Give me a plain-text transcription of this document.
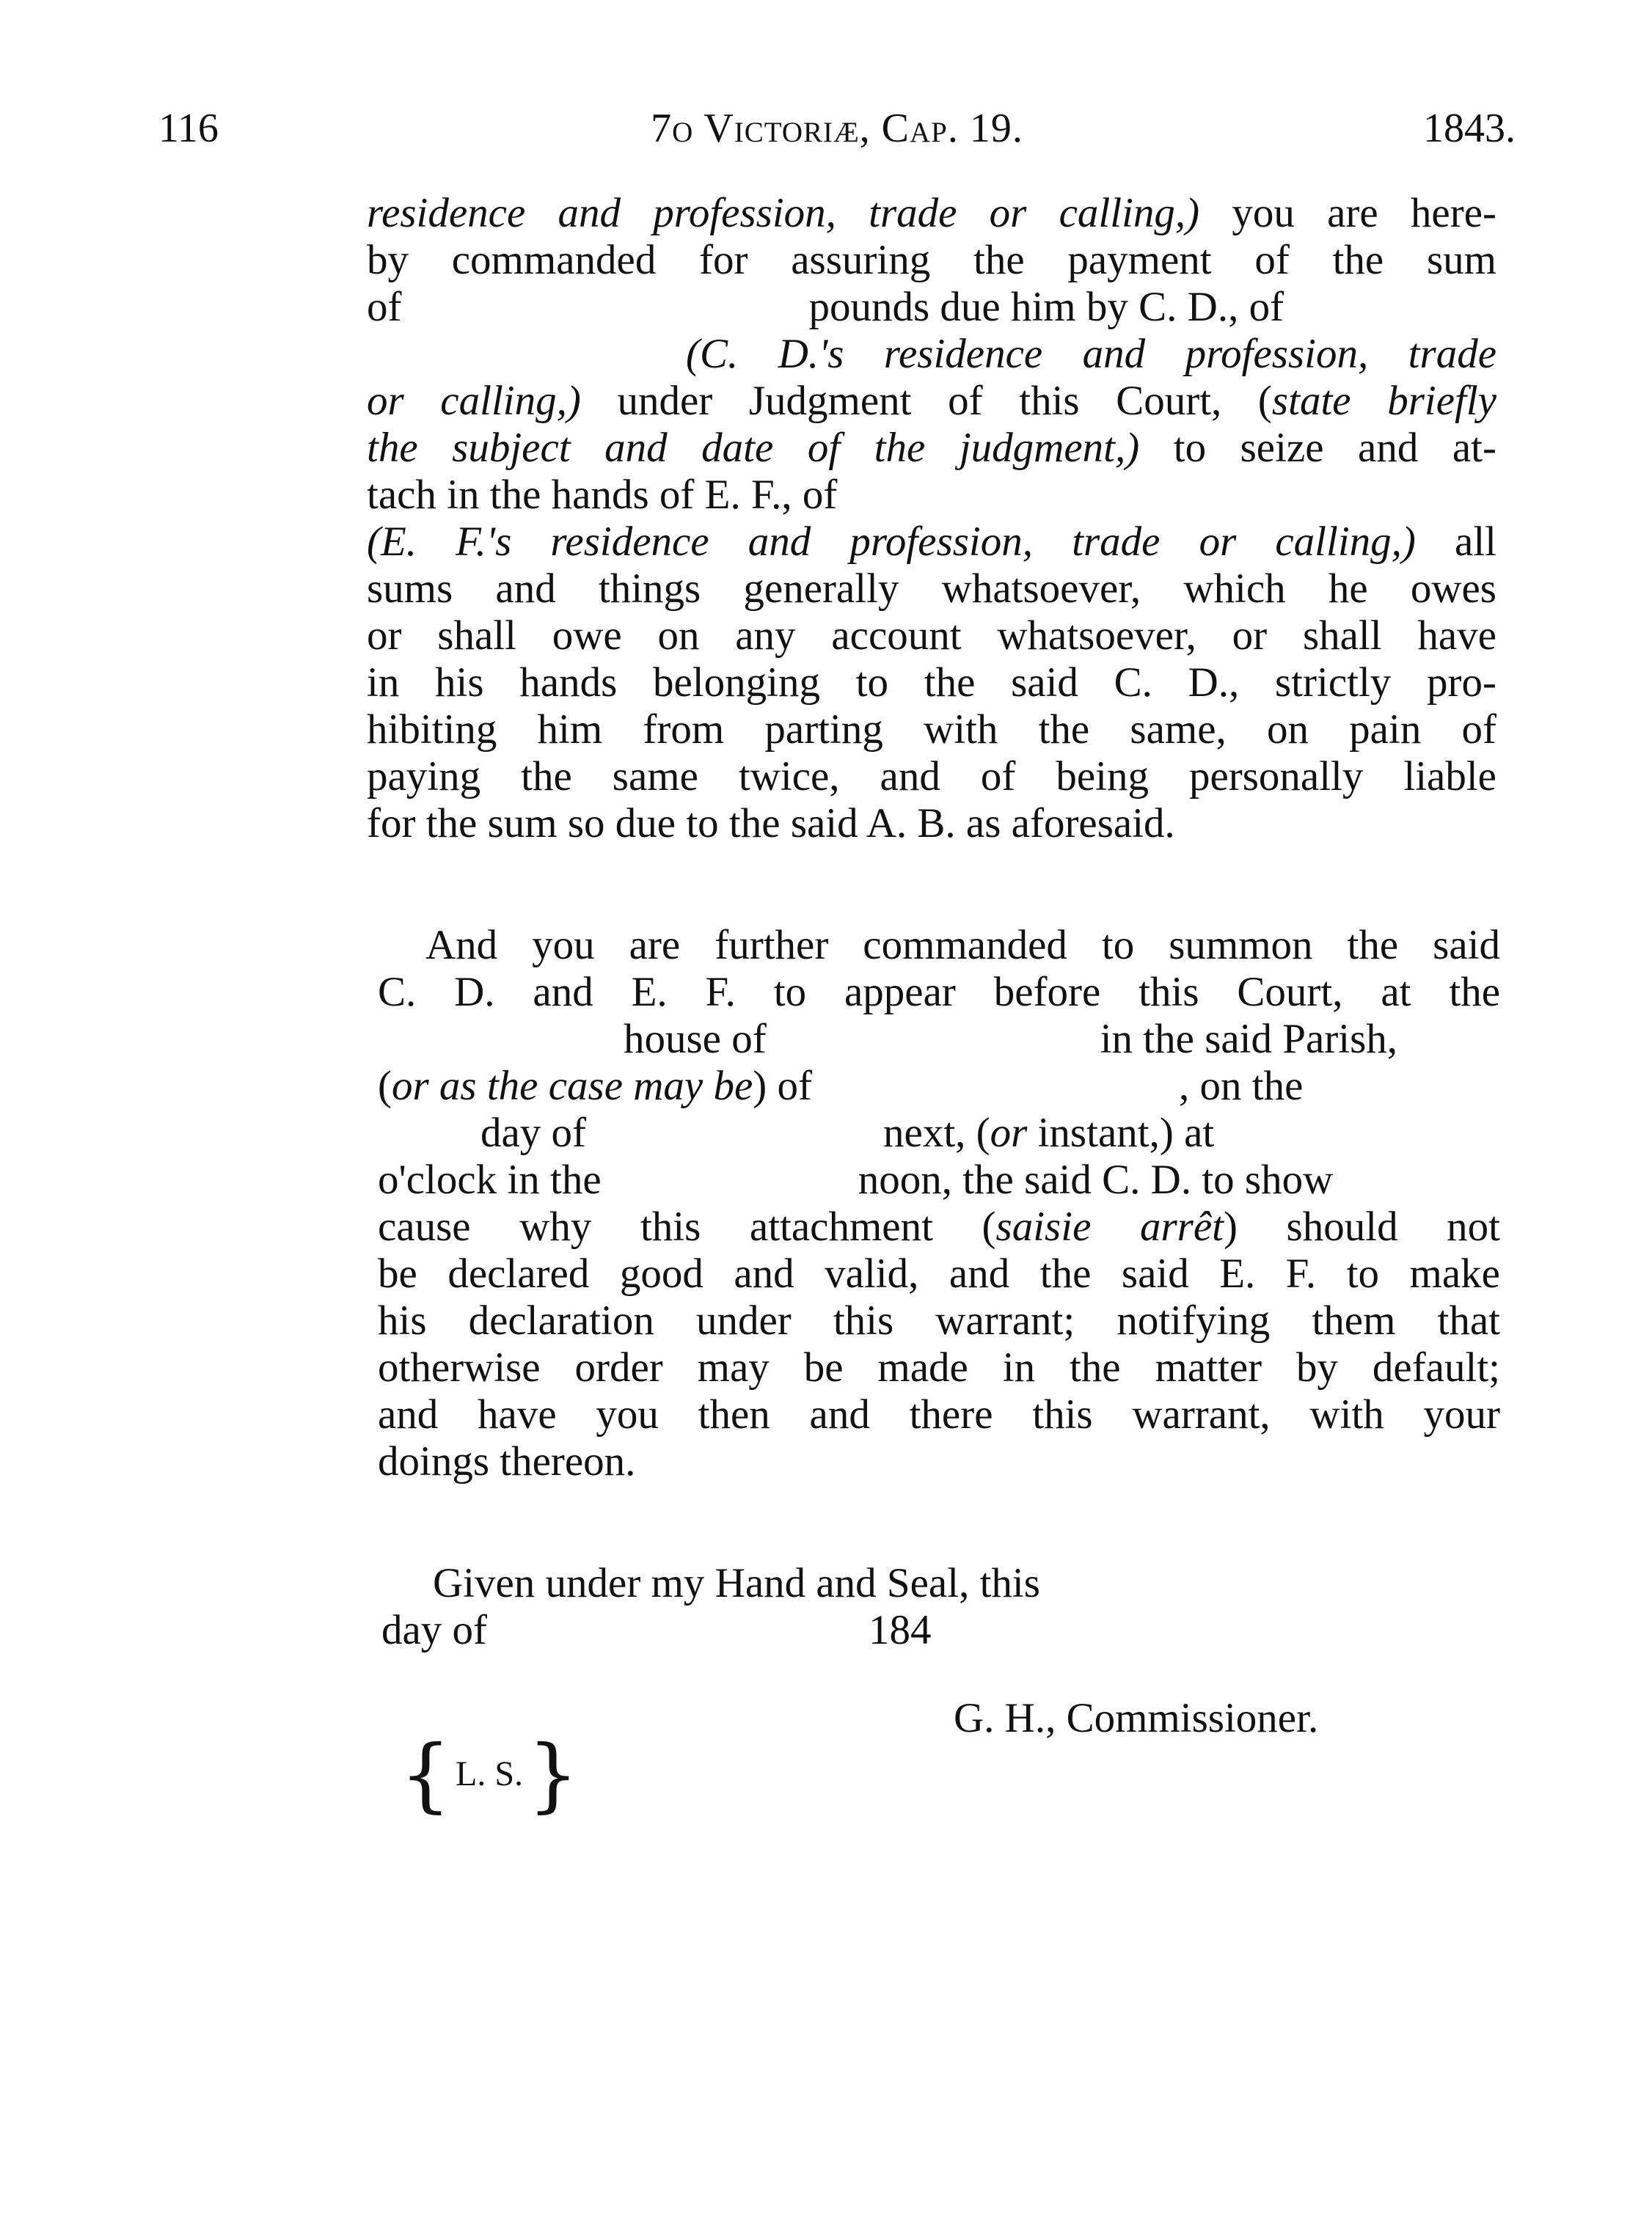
116	7o Victoriæ, Cap. 19.	1843.
residence and profession, trade or calling,) you are here-
by commanded for assuring the payment of the sum
of	pounds due him by C. D., of
(C. D.'s residence and profession, trade
or calling,) under Judgment of this Court, (state briefly
the subject and date of the judgment,) to seize and at-
tach in the hands of E. F., of
(E. F.'s residence and profession, trade or calling,) all
sums and things generally whatsoever, which he owes
or shall owe on any account whatsoever, or shall have
in his hands belonging to the said C. D., strictly pro-
hibiting him from parting with the same, on pain of
paying the same twice, and of being personally liable
for the sum so due to the said A. B. as aforesaid.
And you are further commanded to summon the said
C. D. and E. F. to appear before this Court, at the
house of	in the said Parish,
(or as the case may be) of	, on the
day of	next, (or instant,) at
o'clock in the	noon, the said C. D. to show
cause why this attachment (saisie arrêt) should not
be declared good and valid, and the said E. F. to make
his declaration under this warrant; notifying them that
otherwise order may be made in the matter by default;
and have you then and there this warrant, with your
doings thereon.
Given under my Hand and Seal, this
day of	184
G. H., Commissioner.
{ L. S.}
